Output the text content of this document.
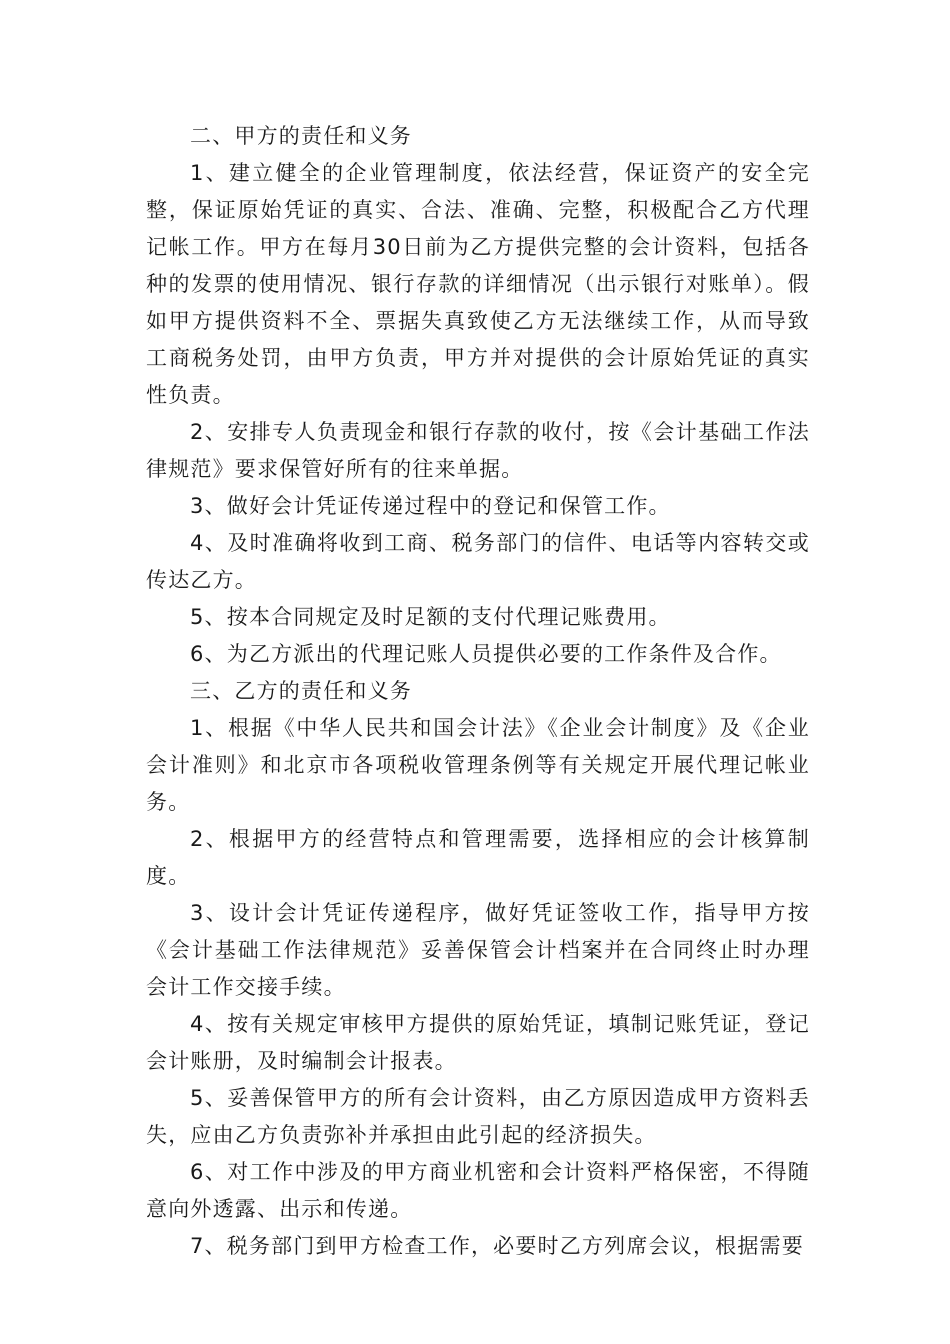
二、甲方的责任和义务

1、建立健全的企业管理制度，依法经营，保证资产的安全完整，保证原始凭证的真实、合法、准确、完整，积极配合乙方代理记帐工作。甲方在每月30日前为乙方提供完整的会计资料，包括各种的发票的使用情况、银行存款的详细情况（出示银行对账单）。假如甲方提供资料不全、票据失真致使乙方无法继续工作，从而导致工商税务处罚，由甲方负责，甲方并对提供的会计原始凭证的真实性负责。

2、安排专人负责现金和银行存款的收付，按《会计基础工作法律规范》要求保管好所有的往来单据。

3、做好会计凭证传递过程中的登记和保管工作。

4、及时准确将收到工商、税务部门的信件、电话等内容转交或传达乙方。

5、按本合同规定及时足额的支付代理记账费用。

6、为乙方派出的代理记账人员提供必要的工作条件及合作。

三、乙方的责任和义务

1、根据《中华人民共和国会计法》《企业会计制度》及《企业会计准则》和北京市各项税收管理条例等有关规定开展代理记帐业务。

2、根据甲方的经营特点和管理需要，选择相应的会计核算制度。

3、设计会计凭证传递程序，做好凭证签收工作，指导甲方按《会计基础工作法律规范》妥善保管会计档案并在合同终止时办理会计工作交接手续。

4、按有关规定审核甲方提供的原始凭证，填制记账凭证，登记会计账册，及时编制会计报表。

5、妥善保管甲方的所有会计资料，由乙方原因造成甲方资料丢失，应由乙方负责弥补并承担由此引起的经济损失。

6、对工作中涉及的甲方商业机密和会计资料严格保密，不得随意向外透露、出示和传递。

7、税务部门到甲方检查工作，必要时乙方列席会议，根据需要
